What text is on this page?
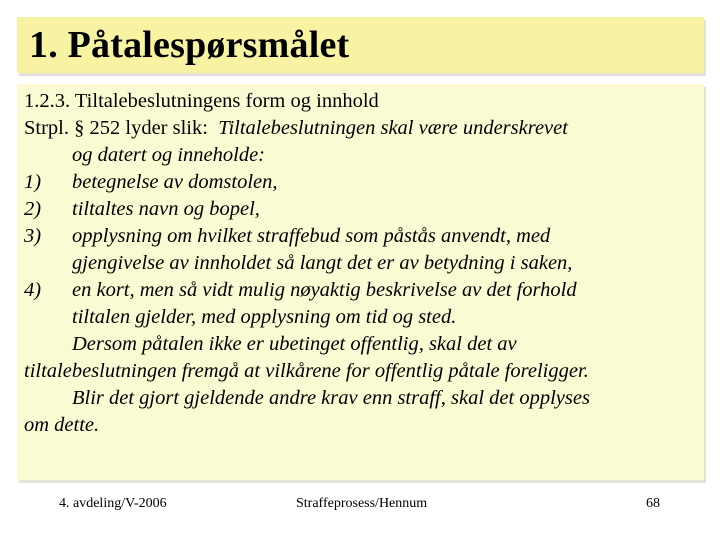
1. Påtalespørsmålet
1.2.3. Tiltalebeslutningens form og innhold
Strpl. § 252 lyder slik: Tiltalebeslutningen skal være underskrevet
og datert og inneholde:
1) betegnelse av domstolen,
2) tiltaltes navn og bopel,
3) opplysning om hvilket straffebud som påstås anvendt, med
gjengivelse av innholdet så langt det er av betydning i saken,
4) en kort, men så vidt mulig nøyaktig beskrivelse av det forhold
tiltalen gjelder, med opplysning om tid og sted.
Dersom påtalen ikke er ubetinget offentlig, skal det av
tiltalebeslutningen fremgå at vilkårene for offentlig påtale foreligger.
Blir det gjort gjeldende andre krav enn straff, skal det opplyses
om dette.
4. avdeling/V-2006	Straffeprosess/Hennum	68
